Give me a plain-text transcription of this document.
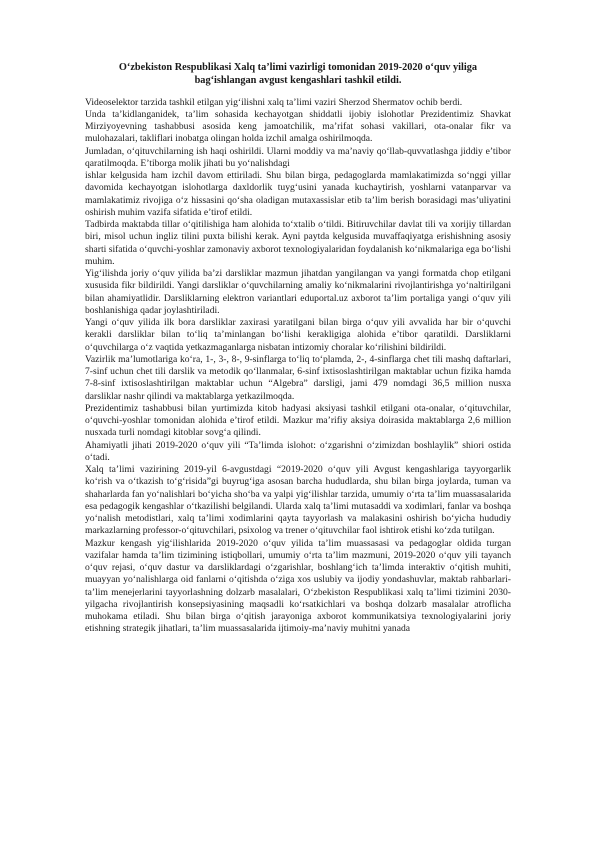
O‘zbekiston Respublikasi Xalq ta’limi vazirligi tomonidan 2019-2020 o‘quv yiliga
bag‘ishlangan avgust kengashlari tashkil etildi.

Videoselektor tarzida tashkil etilgan yig‘ilishni xalq ta’limi vaziri Sherzod Shermatov ochib berdi.

Unda ta’kidlanganidek, ta’lim sohasida kechayotgan shiddatli ijobiy islohotlar Prezidentimiz Shavkat Mirziyoyevning tashabbusi asosida keng jamoatchilik, ma’rifat sohasi vakillari, ota-onalar fikr va mulohazalari, takliflari inobatga olingan holda izchil amalga oshirilmoqda.

Jumladan, o‘qituvchilarning ish haqi oshirildi. Ularni moddiy va ma’naviy qo‘llab-quvvatlashga jiddiy e’tibor qaratilmoqda. E’tiborga molik jihati bu yo‘nalishdagi

ishlar kelgusida ham izchil davom ettiriladi. Shu bilan birga, pedagoglarda mamlakatimizda so‘nggi yillar davomida kechayotgan islohotlarga daxldorlik tuyg‘usini yanada kuchaytirish, yoshlarni vatanparvar va mamlakatimiz rivojiga o‘z hissasini qo‘sha oladigan mutaxassislar etib ta’lim berish borasidagi mas’uliyatini oshirish muhim vazifa sifatida e’tirof etildi.

Tadbirda maktabda tillar o‘qitilishiga ham alohida to‘xtalib o‘tildi. Bitiruvchilar davlat tili va xorijiy tillardan biri, misol uchun ingliz tilini puxta bilishi kerak. Ayni paytda kelgusida muvaffaqiyatga erishishning asosiy sharti sifatida o‘quvchi-yoshlar zamonaviy axborot texnologiyalaridan foydalanish ko‘nikmalariga ega bo‘lishi muhim.

Yig‘ilishda joriy o‘quv yilida ba’zi darsliklar mazmun jihatdan yangilangan va yangi formatda chop etilgani xususida fikr bildirildi. Yangi darsliklar o‘quvchilarning amaliy ko‘nikmalarini rivojlantirishga yo‘naltirilgani bilan ahamiyatlidir. Darsliklarning elektron variantlari eduportal.uz axborot ta’lim portaliga yangi o‘quv yili boshlanishiga qadar joylashtiriladi.

Yangi o‘quv yilida ilk bora darsliklar zaxirasi yaratilgani bilan birga o‘quv yili avvalida har bir o‘quvchi kerakli darsliklar bilan to‘liq ta’minlangan bo‘lishi kerakligiga alohida e’tibor qaratildi. Darsliklarni o‘quvchilarga o‘z vaqtida yetkazmaganlarga nisbatan intizomiy choralar ko‘rilishini bildirildi.

Vazirlik ma’lumotlariga ko‘ra, 1-, 3-, 8-, 9-sinflarga to‘liq to‘plamda, 2-, 4-sinflarga chet tili mashq daftarlari, 7-sinf uchun chet tili darslik va metodik qo‘llanmalar, 6-sinf ixtisoslashtirilgan maktablar uchun fizika hamda 7-8-sinf ixtisoslashtirilgan maktablar uchun “Algebra” darsligi, jami 479 nomdagi 36,5 million nusxa darsliklar nashr qilindi va maktablarga yetkazilmoqda.

Prezidentimiz tashabbusi bilan yurtimizda kitob hadyasi aksiyasi tashkil etilgani ota-onalar, o‘qituvchilar, o‘quvchi-yoshlar tomonidan alohida e’tirof etildi. Mazkur ma’rifiy aksiya doirasida maktablarga 2,6 million nusxada turli nomdagi kitoblar sovg‘a qilindi.

Ahamiyatli jihati 2019-2020 o‘quv yili “Ta’limda islohot: o‘zgarishni o‘zimizdan boshlaylik” shiori ostida o‘tadi.

Xalq ta’limi vazirining 2019-yil 6-avgustdagi “2019-2020 o‘quv yili Avgust kengashlariga tayyorgarlik ko‘rish va o‘tkazish to‘g‘risida”gi buyrug‘iga asosan barcha hududlarda, shu bilan birga joylarda, tuman va shaharlarda fan yo‘nalishlari bo‘yicha sho‘ba va yalpi yig‘ilishlar tarzida, umumiy o‘rta ta’lim muassasalarida esa pedagogik kengashlar o‘tkazilishi belgilandi. Ularda xalq ta’limi mutasaddi va xodimlari, fanlar va boshqa yo‘nalish metodistlari, xalq ta’limi xodimlarini qayta tayyorlash va malakasini oshirish bo‘yicha hududiy markazlarning professor-o‘qituvchilari, psixolog va trener o‘qituvchilar faol ishtirok etishi ko‘zda tutilgan.

Mazkur kengash yig‘ilishlarida 2019-2020 o‘quv yilida ta’lim muassasasi va pedagoglar oldida turgan vazifalar hamda ta’lim tizimining istiqbollari, umumiy o‘rta ta’lim mazmuni, 2019-2020 o‘quv yili tayanch o‘quv rejasi, o‘quv dastur va darsliklardagi o‘zgarishlar, boshlang‘ich ta’limda interaktiv o‘qitish muhiti, muayyan yo‘nalishlarga oid fanlarni o‘qitishda o‘ziga xos uslubiy va ijodiy yondashuvlar, maktab rahbarlari-ta’lim menejerlarini tayyorlashning dolzarb masalalari, O‘zbekiston Respublikasi xalq ta’limi tizimini 2030-yilgacha rivojlantirish konsepsiyasining maqsadli ko‘rsatkichlari va boshqa dolzarb masalalar atroflicha muhokama etiladi. Shu bilan birga o‘qitish jarayoniga axborot kommunikatsiya texnologiyalarini joriy etishning strategik jihatlari, ta’lim muassasalarida ijtimoiy-ma’naviy muhitni yanada
